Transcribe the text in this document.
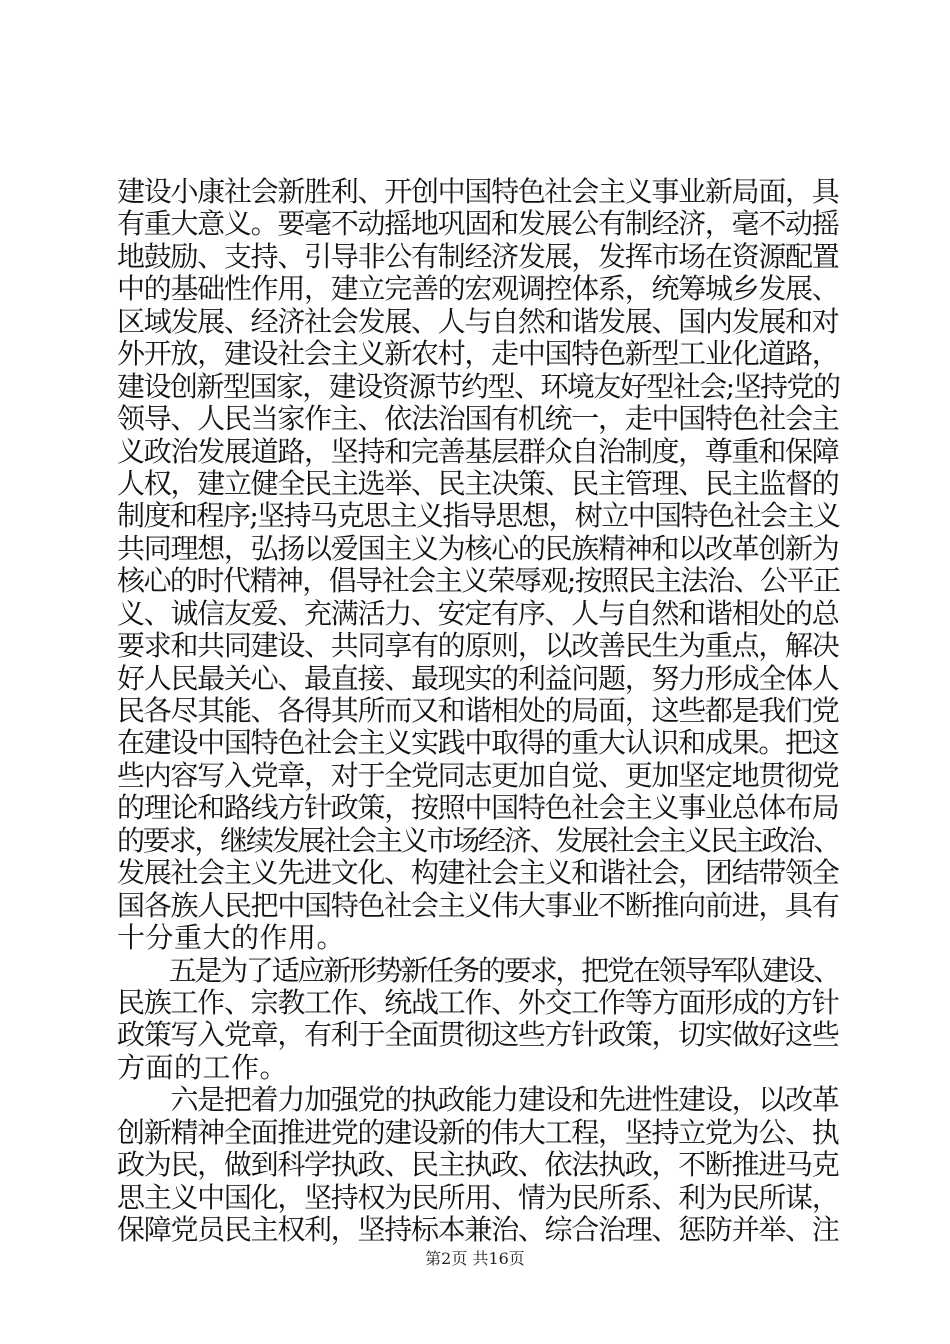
建设小康社会新胜利、开创中国特色社会主义事业新局面，具
有重大意义。要毫不动摇地巩固和发展公有制经济，毫不动摇
地鼓励、支持、引导非公有制经济发展，发挥市场在资源配置
中的基础性作用，建立完善的宏观调控体系，统筹城乡发展、
区域发展、经济社会发展、人与自然和谐发展、国内发展和对
外开放，建设社会主义新农村，走中国特色新型工业化道路，
建设创新型国家，建设资源节约型、环境友好型社会;坚持党的
领导、人民当家作主、依法治国有机统一，走中国特色社会主
义政治发展道路，坚持和完善基层群众自治制度，尊重和保障
人权，建立健全民主选举、民主决策、民主管理、民主监督的
制度和程序;坚持马克思主义指导思想，树立中国特色社会主义
共同理想，弘扬以爱国主义为核心的民族精神和以改革创新为
核心的时代精神，倡导社会主义荣辱观;按照民主法治、公平正
义、诚信友爱、充满活力、安定有序、人与自然和谐相处的总
要求和共同建设、共同享有的原则，以改善民生为重点，解决
好人民最关心、最直接、最现实的利益问题，努力形成全体人
民各尽其能、各得其所而又和谐相处的局面，这些都是我们党
在建设中国特色社会主义实践中取得的重大认识和成果。把这
些内容写入党章，对于全党同志更加自觉、更加坚定地贯彻党
的理论和路线方针政策，按照中国特色社会主义事业总体布局
的要求，继续发展社会主义市场经济、发展社会主义民主政治、
发展社会主义先进文化、构建社会主义和谐社会，团结带领全
国各族人民把中国特色社会主义伟大事业不断推向前进，具有
十分重大的作用。
　　五是为了适应新形势新任务的要求，把党在领导军队建设、
民族工作、宗教工作、统战工作、外交工作等方面形成的方针
政策写入党章，有利于全面贯彻这些方针政策，切实做好这些
方面的工作。
　　六是把着力加强党的执政能力建设和先进性建设，以改革
创新精神全面推进党的建设新的伟大工程，坚持立党为公、执
政为民，做到科学执政、民主执政、依法执政，不断推进马克
思主义中国化，坚持权为民所用、情为民所系、利为民所谋，
保障党员民主权利，坚持标本兼治、综合治理、惩防并举、注
第2页 共16页
